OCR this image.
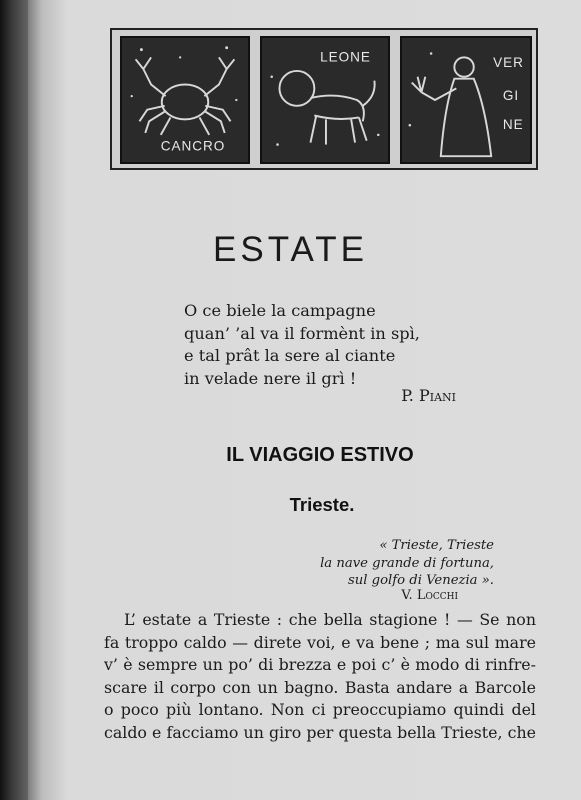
CANCRO
LEONE	VER
GI
NE
ESTATE
O ce biele la campagne
quan’ ’al va il formènt in spì,
e tal prât la sere al ciante
in velade nere il grì !
P. Piani
IL VIAGGIO ESTIVO
Trieste.
« Trieste, Trieste
la nave grande di fortuna,
sul golfo di Venezia ».
V. Locchi
L’ estate a Trieste : che bella stagione ! — Se non
fa troppo caldo — direte voi, e va bene ; ma sul mare
v’ è sempre un po’ di brezza e poi c’ è modo di rinfre-
scare il corpo con un bagno. Basta andare a Barcole
o poco più lontano. Non ci preoccupiamo quindi del
caldo e facciamo un giro per questa bella Trieste, che
